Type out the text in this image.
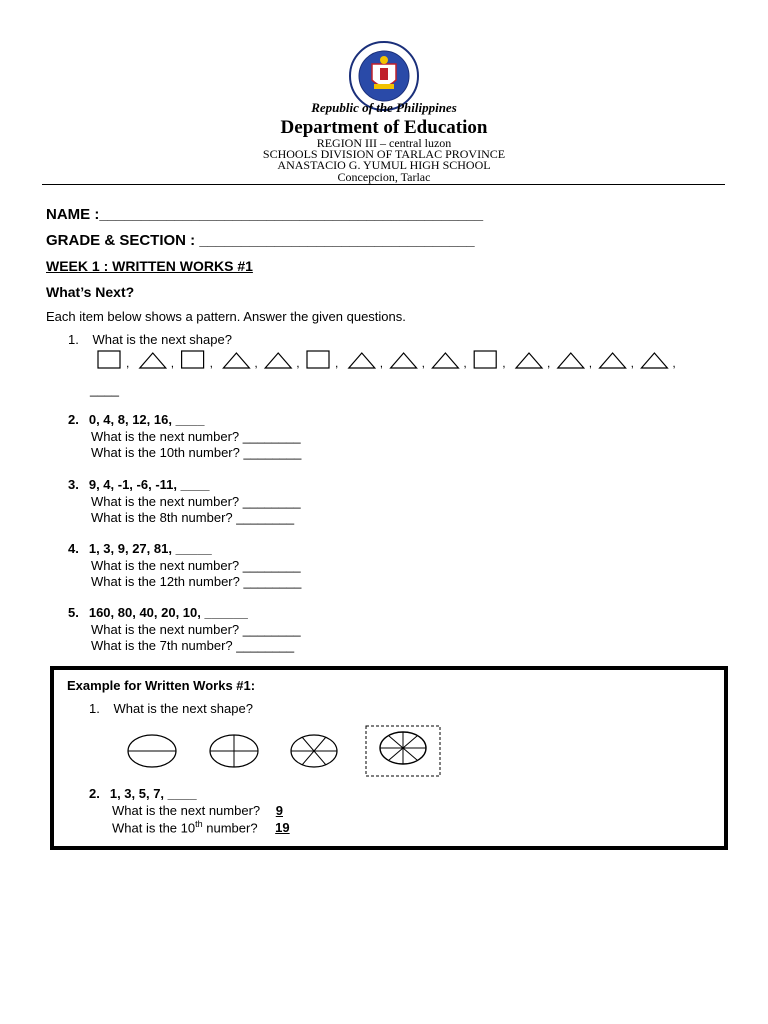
Republic of the Philippines
Department of Education
REGION III – central luzon
SCHOOLS DIVISION OF TARLAC PROVINCE
ANASTACIO G. YUMUL HIGH SCHOOL
Concepcion, Tarlac
NAME :______________________________________________
GRADE & SECTION : _________________________________
WEEK 1 : WRITTEN WORKS #1
What’s Next?
Each item below shows a pattern. Answer the given questions.
1. What is the next shape?
,	,	,	,	,	,	,	,	,	,	,	,	,	,
____
2. 0, 4, 8, 12, 16, ____
What is the next number? ________
What is the 10th number? ________
3. 9, 4, -1, -6, -11, ____
What is the next number? ________
What is the 8th number? ________
4. 1, 3, 9, 27, 81, _____
What is the next number? ________
What is the 12th number? ________
5. 160, 80, 40, 20, 10, ______
What is the next number? ________
What is the 7th number? ________
Example for Written Works #1:
1. What is the next shape?
2. 1, 3, 5, 7, ____
What is the next number? 9
What is the 10th number? 19
